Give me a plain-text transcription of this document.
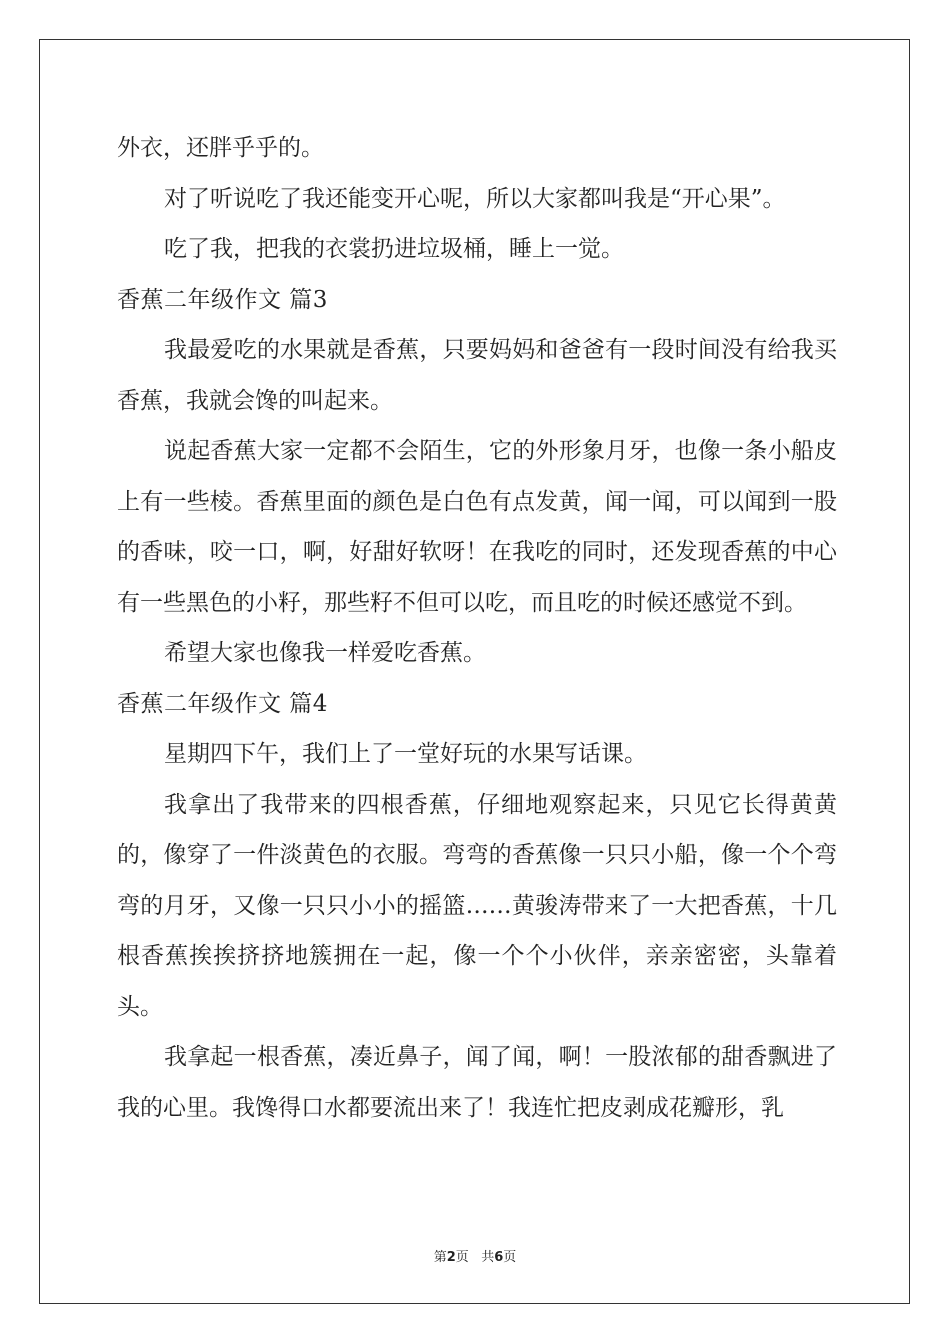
外衣，还胖乎乎的。

对了听说吃了我还能变开心呢，所以大家都叫我是“开心果”。

吃了我，把我的衣裳扔进垃圾桶，睡上一觉。

香蕉二年级作文 篇3

我最爱吃的水果就是香蕉，只要妈妈和爸爸有一段时间没有给我买香蕉，我就会馋的叫起来。

说起香蕉大家一定都不会陌生，它的外形象月牙，也像一条小船皮上有一些棱。香蕉里面的颜色是白色有点发黄，闻一闻，可以闻到一股的香味，咬一口，啊，好甜好软呀！在我吃的同时，还发现香蕉的中心有一些黑色的小籽，那些籽不但可以吃，而且吃的时候还感觉不到。

希望大家也像我一样爱吃香蕉。

香蕉二年级作文 篇4

星期四下午，我们上了一堂好玩的水果写话课。

我拿出了我带来的四根香蕉，仔细地观察起来，只见它长得黄黄的，像穿了一件淡黄色的衣服。弯弯的香蕉像一只只小船，像一个个弯弯的月牙，又像一只只小小的摇篮……黄骏涛带来了一大把香蕉，十几根香蕉挨挨挤挤地簇拥在一起，像一个个小伙伴，亲亲密密，头靠着头。

我拿起一根香蕉，凑近鼻子，闻了闻，啊！一股浓郁的甜香飘进了我的心里。我馋得口水都要流出来了！我连忙把皮剥成花瓣形，乳

第2页 共6页
